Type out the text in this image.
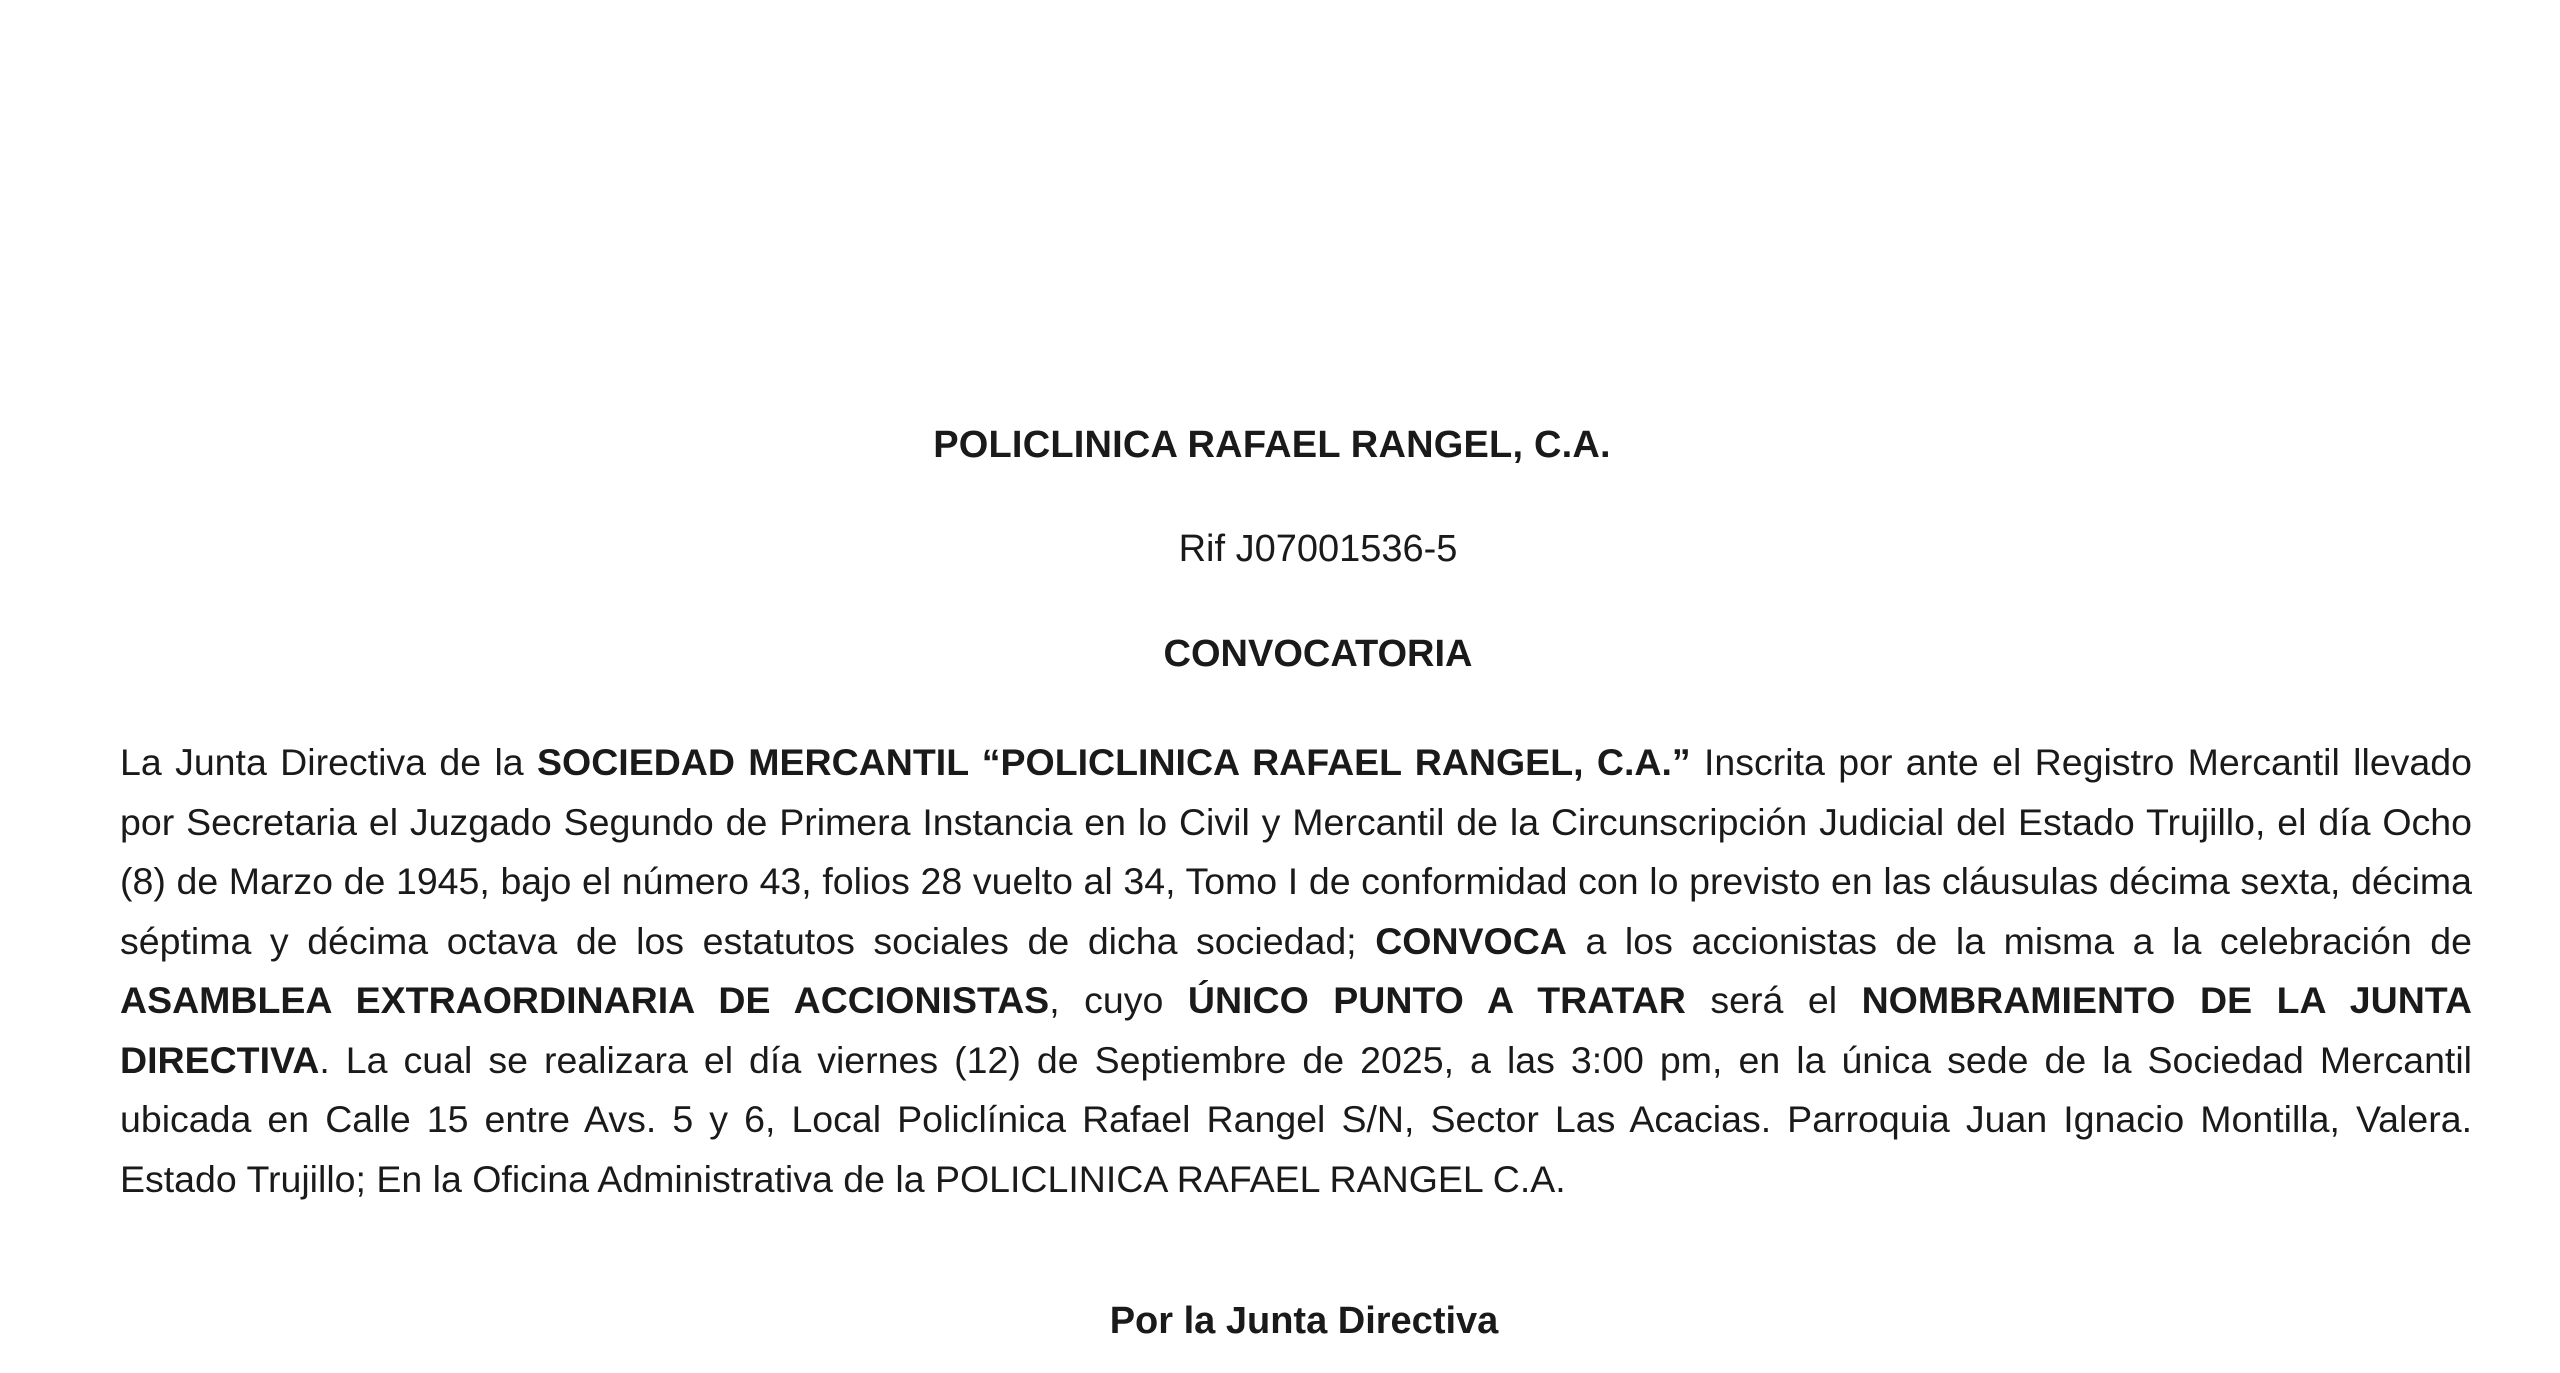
POLICLINICA RAFAEL RANGEL, C.A.
Rif J07001536-5
CONVOCATORIA
La Junta Directiva de la SOCIEDAD MERCANTIL “POLICLINICA RAFAEL RANGEL, C.A.” Inscrita por ante el Registro Mercantil llevado por Secretaria el Juzgado Segundo de Primera Instancia en lo Civil y Mercantil de la Circunscripción Judicial del Estado Trujillo, el día Ocho (8) de Marzo de 1945, bajo el número 43, folios 28 vuelto al 34, Tomo I de conformidad con lo previsto en las cláusulas décima sexta, décima séptima y décima octava de los estatutos sociales de dicha sociedad; CONVOCA a los accionistas de la misma a la celebración de ASAMBLEA EXTRAORDINARIA DE ACCIONISTAS, cuyo ÚNICO PUNTO A TRATAR será el NOMBRAMIENTO DE LA JUNTA DIRECTIVA. La cual se realizara el día viernes (12) de Septiembre de 2025, a las 3:00 pm, en la única sede de la Sociedad Mercantil ubicada en Calle 15 entre Avs. 5 y 6, Local Policlínica Rafael Rangel S/N, Sector Las Acacias. Parroquia Juan Ignacio Montilla, Valera. Estado Trujillo; En la Oficina Administrativa de la POLICLINICA RAFAEL RANGEL C.A.
Por la Junta Directiva
